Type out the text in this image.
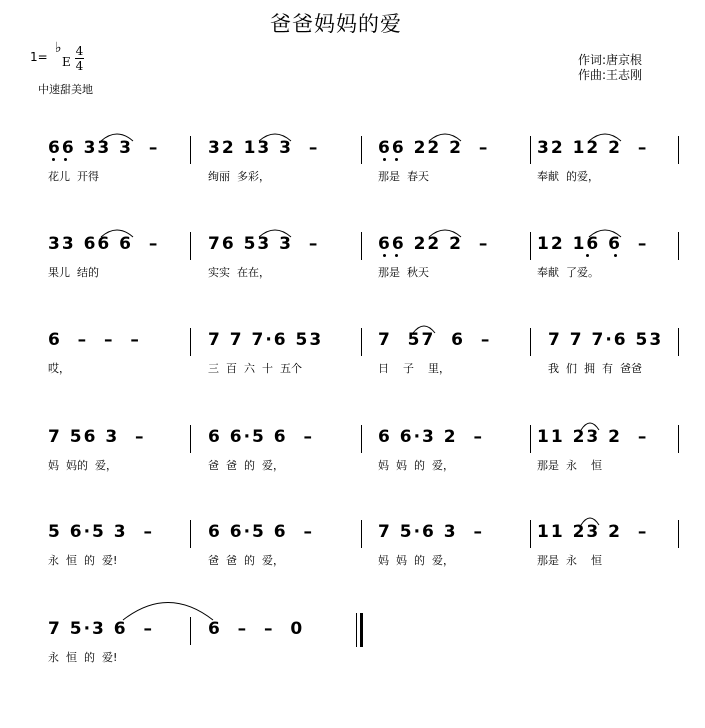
爸爸妈妈的爱
1=
♭
E
4
4
中速甜美地
作词:唐京根
作曲:王志刚
66 33 3  –
花儿  开得
32 13 3  –
绚丽  多彩，
66 22 2  –
那是  春天
32 12 2  –
奉献  的爱，
33 66 6  –
果儿  结的
76 53 3  –
实实  在在，
66 22 2  –
那是  秋天
12 16 6  –
奉献  了爱。
6  –  –  –
哎，
7 7 7·6 53
三  百  六  十  五个
7  57  6  –
日    子    里，
7 7 7·6 53
我  们  拥  有  爸爸
7 56 3  –
妈  妈的  爱，
6 6·5 6  –
爸  爸  的  爱，
6 6·3 2  –
妈  妈  的  爱，
11 23 2  –
那是  永    恒
5 6·5 3  –
永  恒  的  爱!
6 6·5 6  –
爸  爸  的  爱，
7 5·6 3  –
妈  妈  的  爱，
11 23 2  –
那是  永    恒
7 5·3 6  –
永  恒  的  爱!
6  –  –  0
